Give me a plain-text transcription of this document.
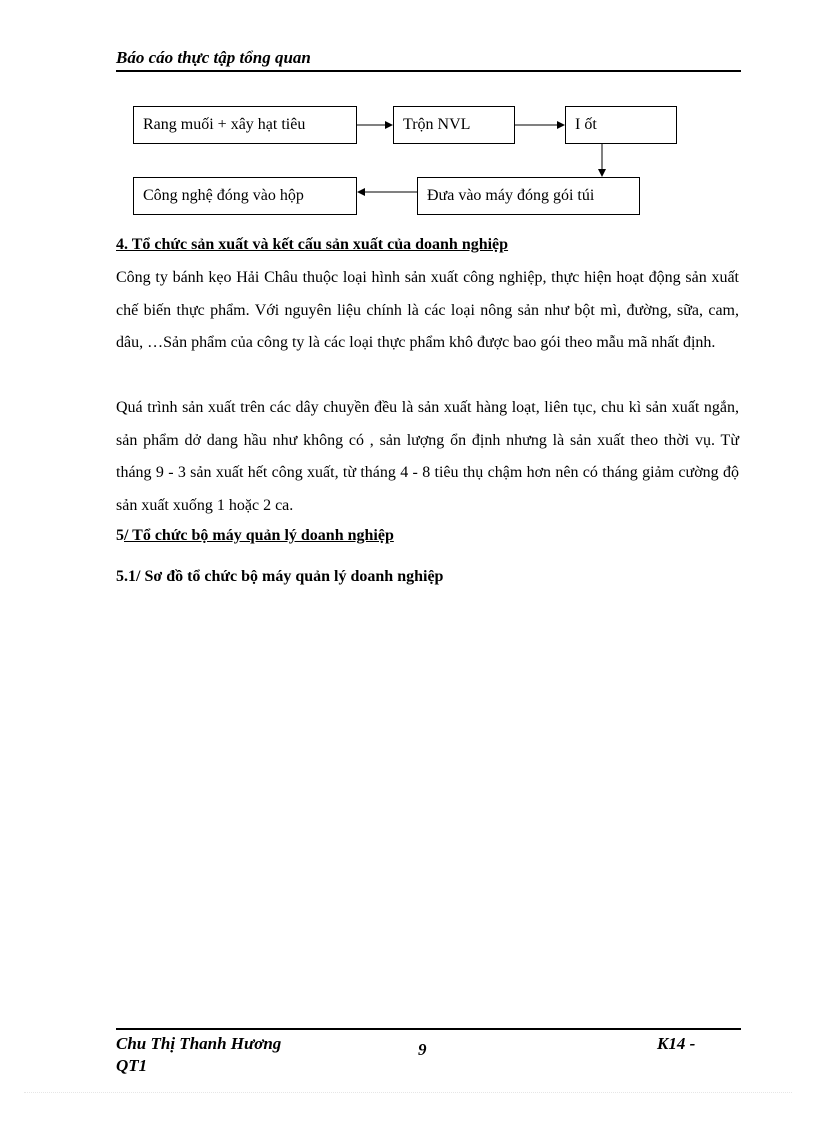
Báo cáo thực tập tổng quan
Rang muối + xây hạt tiêu	Trộn NVL	I ốt
Công nghệ đóng vào hộp	Đưa vào máy đóng gói túi
4. Tổ chức sản xuất và kết cấu sản xuất của doanh nghiệp
Công ty bánh kẹo Hải Châu thuộc loại hình sản xuất công nghiệp, thực hiện hoạt động sản xuất chế biến thực phẩm. Với nguyên liệu chính là các loại nông sản như bột mì, đường, sữa, cam, dâu, …Sản phẩm của công ty là các loại thực phẩm khô được bao gói theo mẫu mã nhất định.
Quá trình sản xuất trên các dây chuyền đều là sản xuất hàng loạt, liên tục, chu kì sản xuất ngắn, sản phẩm dở dang hầu như không có , sản lượng ổn định nhưng là sản xuất theo thời vụ. Từ tháng 9 - 3 sản xuất hết công xuất, từ tháng 4 - 8 tiêu thụ chậm hơn nên có tháng giảm cường độ sản xuất xuống 1 hoặc 2 ca.
5/ Tổ chức bộ máy quản lý doanh nghiệp
5.1/ Sơ đồ tổ chức bộ máy quản lý doanh nghiệp
Chu Thị Thanh Hương	9	K14 -
QT1
